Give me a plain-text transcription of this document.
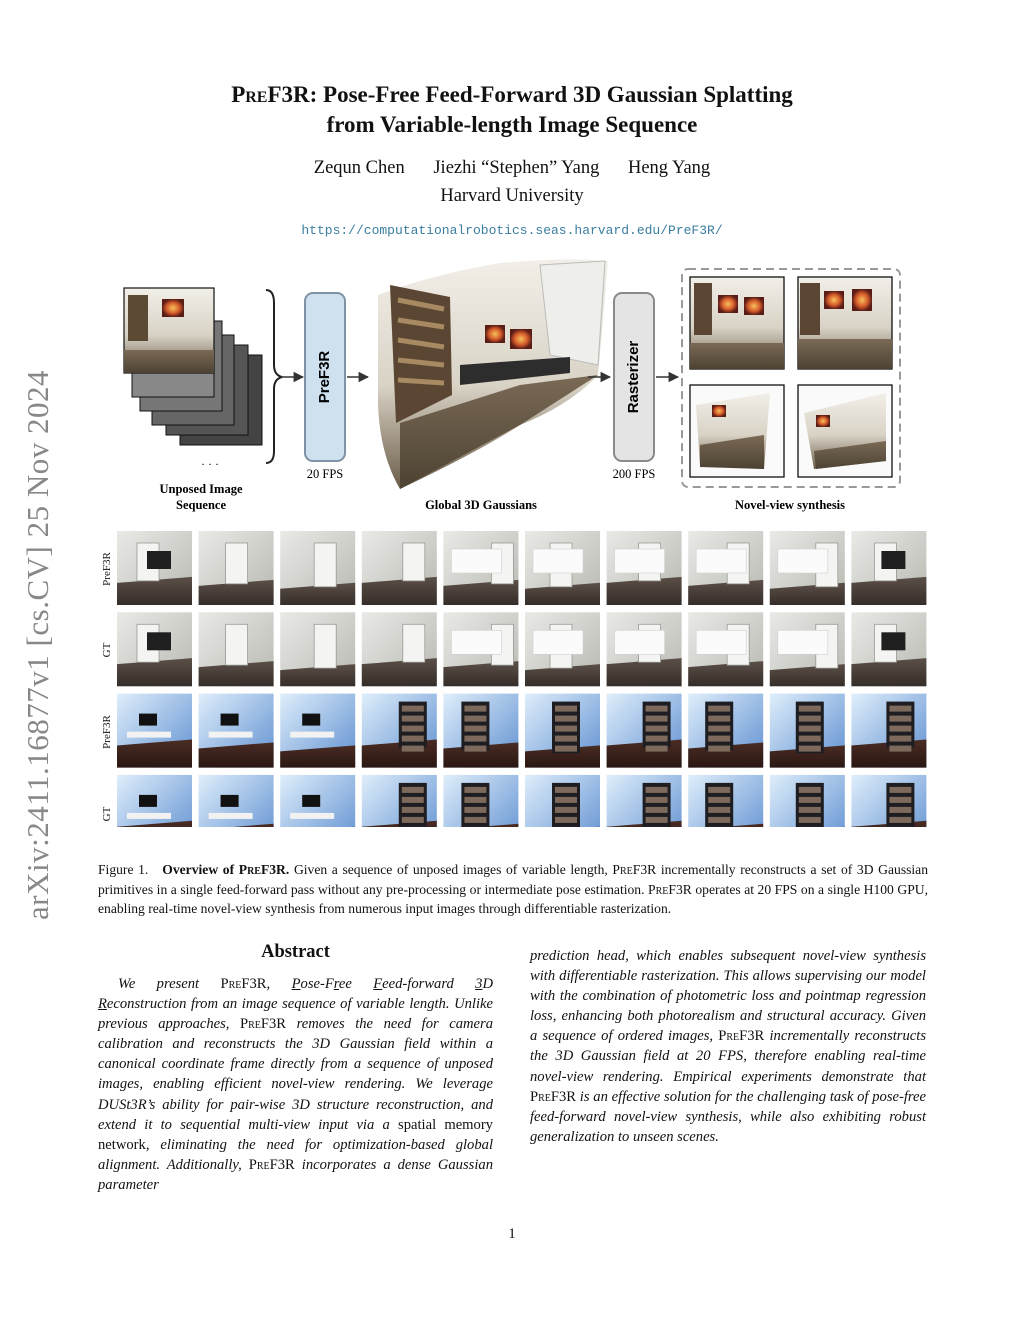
arXiv:2411.16877v1 [cs.CV] 25 Nov 2024
PreF3R: Pose-Free Feed-Forward 3D Gaussian Splatting
from Variable-length Image Sequence
Zequn Chen Jiezhi “Stephen” Yang Heng Yang
Harvard University
https://computationalrobotics.seas.harvard.edu/PreF3R/
· · ·
PreF3R	Rasterizer
20 FPS	200 FPS
Unposed Image
Sequence	Global 3D Gaussians	Novel-view synthesis
PreF3R
GT
PreF3R
GT
Figure 1. Overview of PreF3R. Given a sequence of unposed images of variable length, PreF3R incrementally reconstructs a set of 3D Gaussian primitives in a single feed-forward pass without any pre-processing or intermediate pose estimation. PreF3R operates at 20 FPS on a single H100 GPU, enabling real-time novel-view synthesis from numerous input images through differentiable rasterization.
Abstract
We present PreF3R, Pose-Free Feed-forward 3D Reconstruction from an image sequence of variable length. Unlike previous approaches, PreF3R removes the need for camera calibration and reconstructs the 3D Gaussian field within a canonical coordinate frame directly from a sequence of unposed images, enabling efficient novel-view rendering. We leverage DUSt3R’s ability for pair-wise 3D structure reconstruction, and extend it to sequential multi-view input via a spatial memory network, eliminating the need for optimization-based global alignment. Additionally, PreF3R incorporates a dense Gaussian parameter
prediction head, which enables subsequent novel-view synthesis with differentiable rasterization. This allows supervising our model with the combination of photometric loss and pointmap regression loss, enhancing both photorealism and structural accuracy. Given a sequence of ordered images, PreF3R incrementally reconstructs the 3D Gaussian field at 20 FPS, therefore enabling real-time novel-view rendering. Empirical experiments demonstrate that PreF3R is an effective solution for the challenging task of pose-free feed-forward novel-view synthesis, while also exhibiting robust generalization to unseen scenes.
1
